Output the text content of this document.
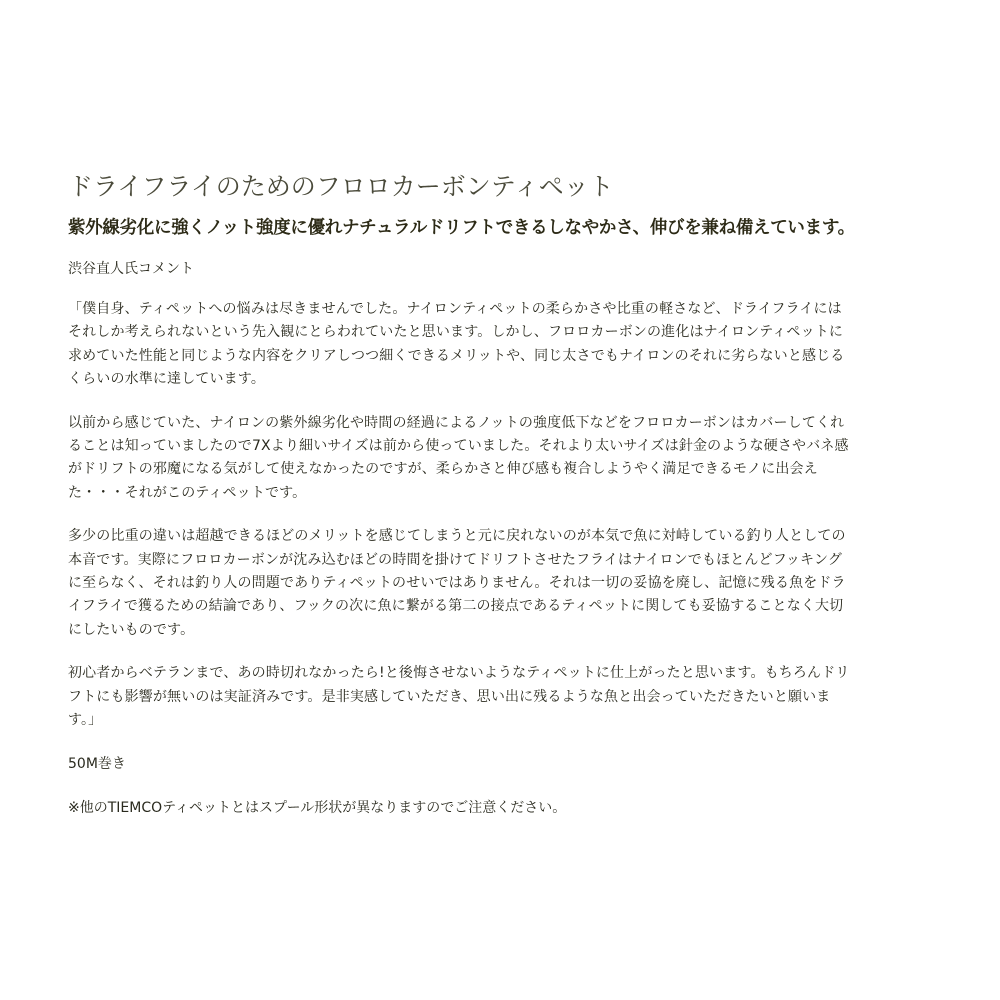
ドライフライのためのフロロカーボンティペット
紫外線劣化に強くノット強度に優れナチュラルドリフトできるしなやかさ、伸びを兼ね備えています。
渋谷直人氏コメント
「僕自身、ティペットへの悩みは尽きませんでした。ナイロンティペットの柔らかさや比重の軽さなど、ドライフライには
それしか考えられないという先入観にとらわれていたと思います。しかし、フロロカーボンの進化はナイロンティペットに
求めていた性能と同じような内容をクリアしつつ細くできるメリットや、同じ太さでもナイロンのそれに劣らないと感じる
くらいの水準に達しています。
以前から感じていた、ナイロンの紫外線劣化や時間の経過によるノットの強度低下などをフロロカーボンはカバーしてくれ
ることは知っていましたので7Xより細いサイズは前から使っていました。それより太いサイズは針金のような硬さやバネ感
がドリフトの邪魔になる気がして使えなかったのですが、柔らかさと伸び感も複合しようやく満足できるモノに出会え
た・・・それがこのティペットです。
多少の比重の違いは超越できるほどのメリットを感じてしまうと元に戻れないのが本気で魚に対峙している釣り人としての
本音です。実際にフロロカーボンが沈み込むほどの時間を掛けてドリフトさせたフライはナイロンでもほとんどフッキング
に至らなく、それは釣り人の問題でありティペットのせいではありません。それは一切の妥協を廃し、記憶に残る魚をドラ
イフライで獲るための結論であり、フックの次に魚に繋がる第二の接点であるティペットに関しても妥協することなく大切
にしたいものです。
初心者からベテランまで、あの時切れなかったら!と後悔させないようなティペットに仕上がったと思います。もちろんドリ
フトにも影響が無いのは実証済みです。是非実感していただき、思い出に残るような魚と出会っていただきたいと願いま
す。」
50M巻き
※他のTIEMCOティペットとはスプール形状が異なりますのでご注意ください。
